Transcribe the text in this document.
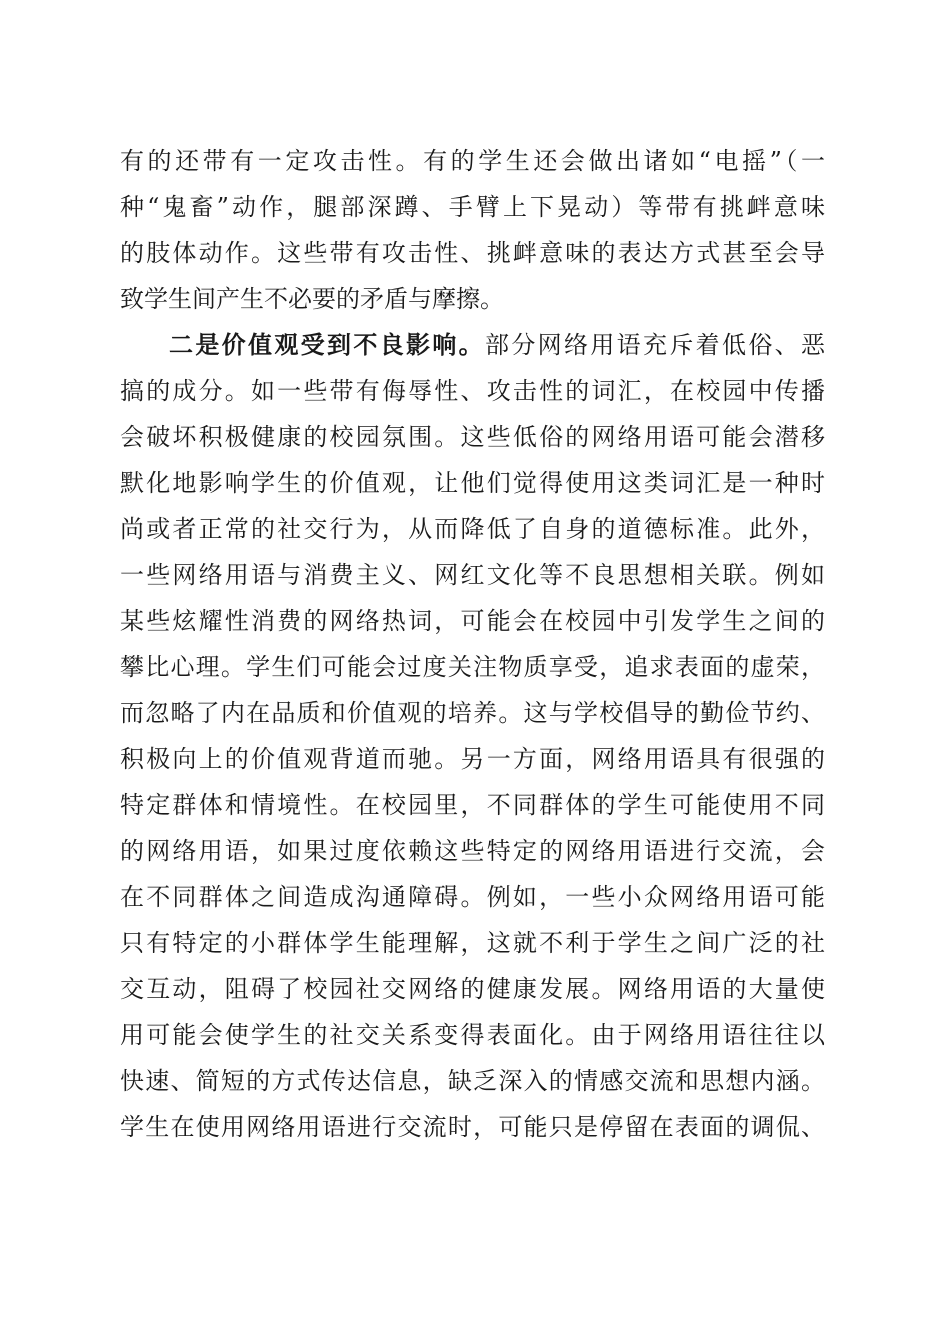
有的还带有一定攻击性。有的学生还会做出诸如“电摇”（一
种“鬼畜”动作，腿部深蹲、手臂上下晃动）等带有挑衅意味
的肢体动作。这些带有攻击性、挑衅意味的表达方式甚至会导
致学生间产生不必要的矛盾与摩擦。
二是价值观受到不良影响。部分网络用语充斥着低俗、恶
搞的成分。如一些带有侮辱性、攻击性的词汇，在校园中传播
会破坏积极健康的校园氛围。这些低俗的网络用语可能会潜移
默化地影响学生的价值观，让他们觉得使用这类词汇是一种时
尚或者正常的社交行为，从而降低了自身的道德标准。此外，
一些网络用语与消费主义、网红文化等不良思想相关联。例如
某些炫耀性消费的网络热词，可能会在校园中引发学生之间的
攀比心理。学生们可能会过度关注物质享受，追求表面的虚荣，
而忽略了内在品质和价值观的培养。这与学校倡导的勤俭节约、
积极向上的价值观背道而驰。另一方面，网络用语具有很强的
特定群体和情境性。在校园里，不同群体的学生可能使用不同
的网络用语，如果过度依赖这些特定的网络用语进行交流，会
在不同群体之间造成沟通障碍。例如，一些小众网络用语可能
只有特定的小群体学生能理解，这就不利于学生之间广泛的社
交互动，阻碍了校园社交网络的健康发展。网络用语的大量使
用可能会使学生的社交关系变得表面化。由于网络用语往往以
快速、简短的方式传达信息，缺乏深入的情感交流和思想内涵。
学生在使用网络用语进行交流时，可能只是停留在表面的调侃、
